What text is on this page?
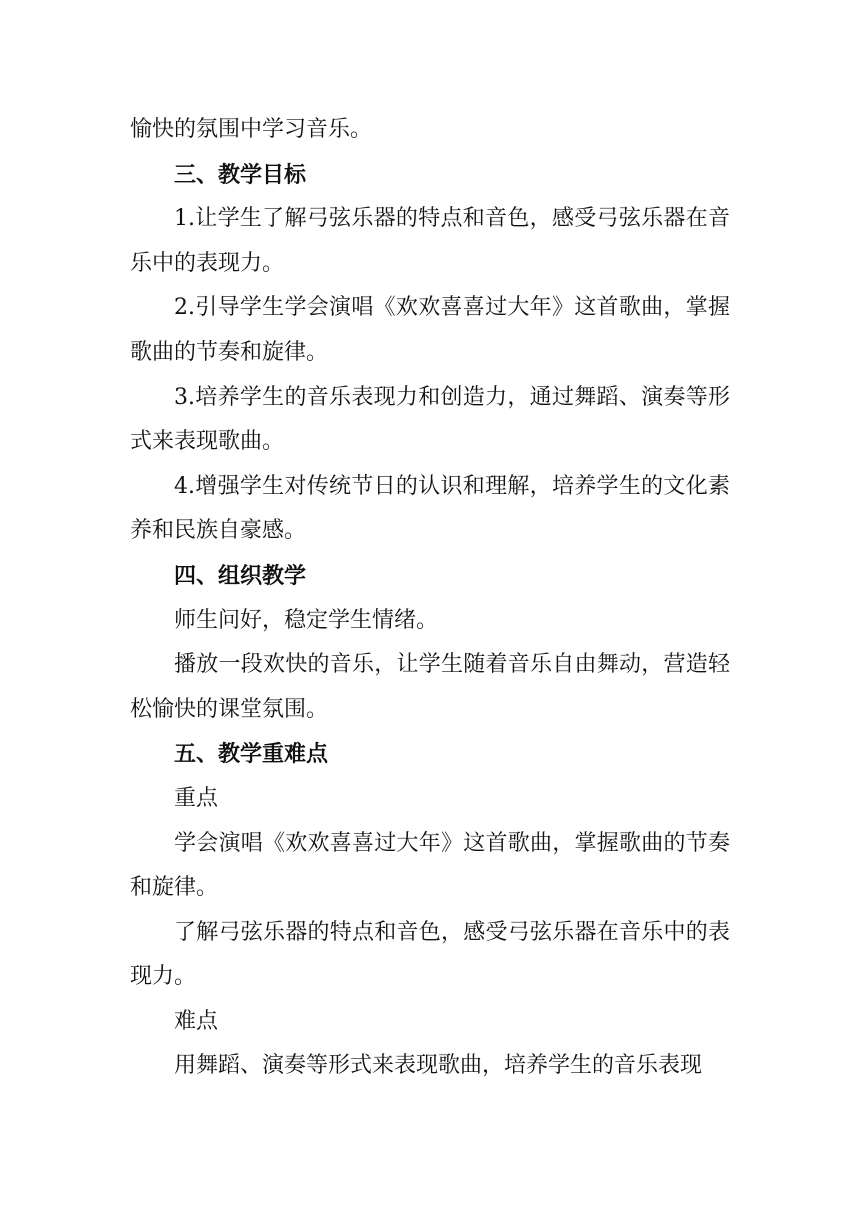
愉快的氛围中学习音乐。

三、教学目标

1.让学生了解弓弦乐器的特点和音色，感受弓弦乐器在音乐中的表现力。

2.引导学生学会演唱《欢欢喜喜过大年》这首歌曲，掌握歌曲的节奏和旋律。

3.培养学生的音乐表现力和创造力，通过舞蹈、演奏等形式来表现歌曲。

4.增强学生对传统节日的认识和理解，培养学生的文化素养和民族自豪感。

四、组织教学

师生问好，稳定学生情绪。

播放一段欢快的音乐，让学生随着音乐自由舞动，营造轻松愉快的课堂氛围。

五、教学重难点

重点

学会演唱《欢欢喜喜过大年》这首歌曲，掌握歌曲的节奏和旋律。

了解弓弦乐器的特点和音色，感受弓弦乐器在音乐中的表现力。

难点

用舞蹈、演奏等形式来表现歌曲，培养学生的音乐表现
